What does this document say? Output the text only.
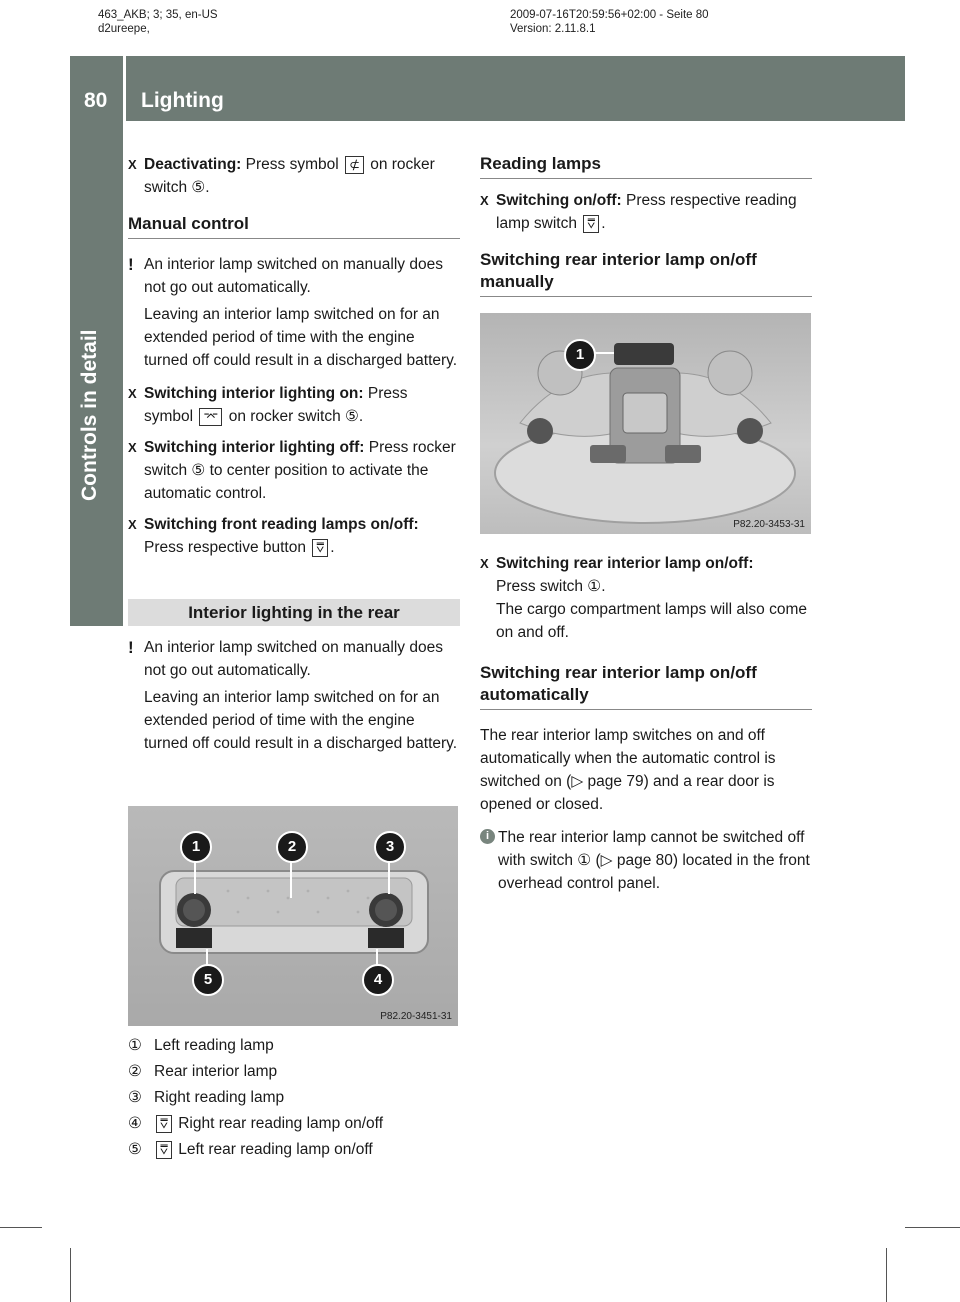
463_AKB; 3; 35, en-US
d2ureepe,
2009-07-16T20:59:56+02:00 - Seite 80
Version: 2.11.8.1
80 Lighting
Controls in detail
X Deactivating: Press symbol ⊄ on rocker switch ⑤.
Manual control
! An interior lamp switched on manually does not go out automatically.

Leaving an interior lamp switched on for an extended period of time with the engine turned off could result in a discharged battery.

X Switching interior lighting on: Press symbol ⌤ on rocker switch ⑤.
X Switching interior lighting off: Press rocker switch ⑤ to center position to activate the automatic control.
X Switching front reading lamps on/off: Press respective button ⩢ .
Interior lighting in the rear
! An interior lamp switched on manually does not go out automatically.

Leaving an interior lamp switched on for an extended period of time with the engine turned off could result in a discharged battery.

1	2	3
4
5
P82.20-3451-31
① Left reading lamp
② Rear interior lamp
③ Right reading lamp
④ ⩢ Right rear reading lamp on/off
⑤ ⩢ Left rear reading lamp on/off
Reading lamps
X Switching on/off: Press respective reading lamp switch ⩢ .
Switching rear interior lamp on/off manually
1
P82.20-3453-31
X Switching rear interior lamp on/off:
Press switch ①.
The cargo compartment lamps will also come on and off.
Switching rear interior lamp on/off automatically

The rear interior lamp switches on and off automatically when the automatic control is switched on (▷ page 79) and a rear door is opened or closed.

i The rear interior lamp cannot be switched off with switch ① (▷ page 80) located in the front overhead control panel.
